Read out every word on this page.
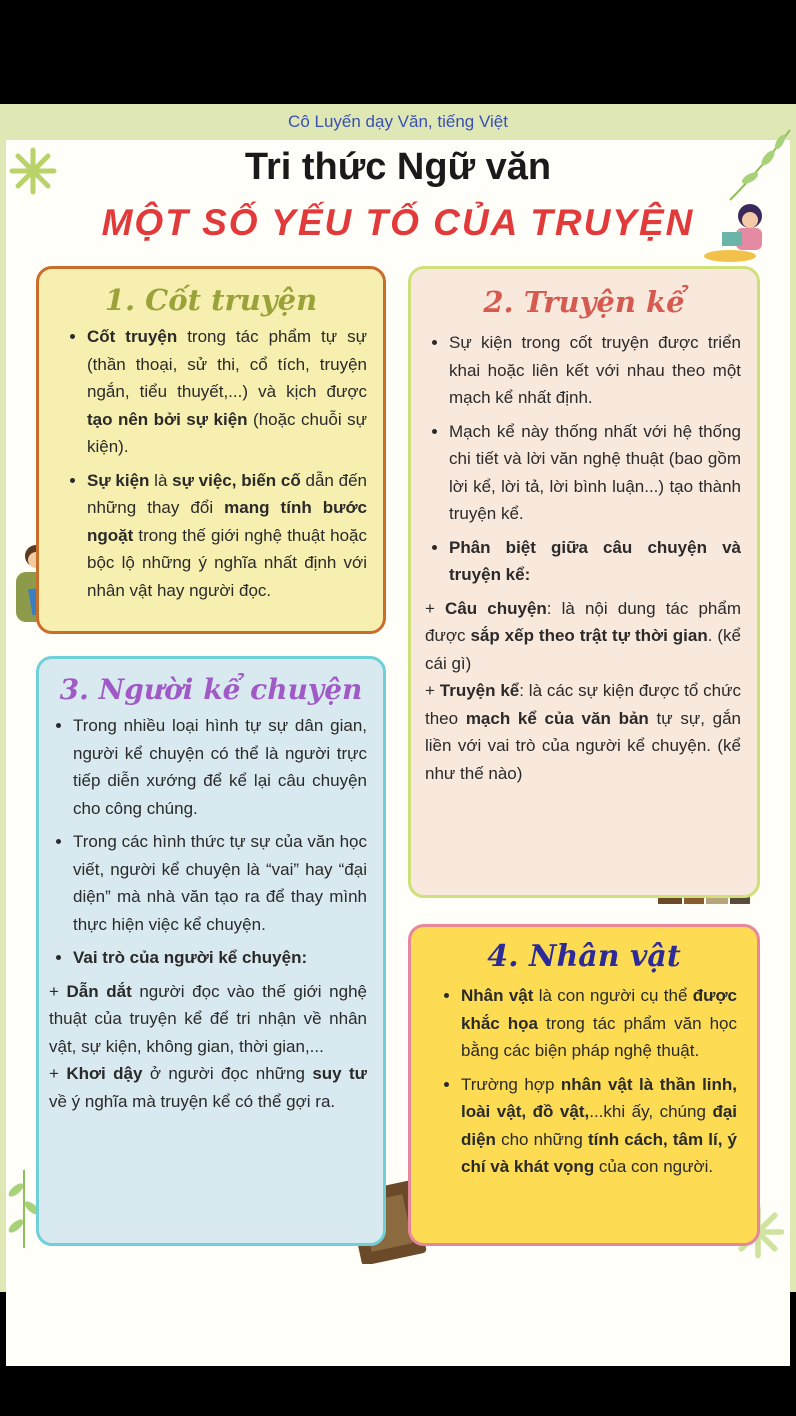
Cô Luyến dạy Văn, tiếng Việt
Tri thức Ngữ văn
MỘT SỐ YẾU TỐ CỦA TRUYỆN
1. Cốt truyện
• Cốt truyện trong tác phẩm tự sự (thần thoại, sử thi, cổ tích, truyện ngắn, tiểu thuyết,...) và kịch được tạo nên bởi sự kiện (hoặc chuỗi sự kiện).
• Sự kiện là sự việc, biến cố dẫn đến những thay đổi mang tính bước ngoặt trong thế giới nghệ thuật hoặc bộc lộ những ý nghĩa nhất định với nhân vật hay người đọc.
2. Truyện kể
• Sự kiện trong cốt truyện được triển khai hoặc liên kết với nhau theo một mạch kể nhất định.
• Mạch kể này thống nhất với hệ thống chi tiết và lời văn nghệ thuật (bao gồm lời kể, lời tả, lời bình luận...) tạo thành truyện kể.
• Phân biệt giữa câu chuyện và truyện kể:

+ Câu chuyện: là nội dung tác phẩm được sắp xếp theo trật tự thời gian. (kể cái gì)

+ Truyện kể: là các sự kiện được tổ chức theo mạch kể của văn bản tự sự, gắn liền với vai trò của người kể chuyện. (kể như thế nào)

3. Người kể chuyện
• Trong nhiều loại hình tự sự dân gian, người kể chuyện có thể là người trực tiếp diễn xướng để kể lại câu chuyện cho công chúng.
• Trong các hình thức tự sự của văn học viết, người kể chuyện là “vai” hay “đại diện” mà nhà văn tạo ra để thay mình thực hiện việc kể chuyện.
• Vai trò của người kể chuyện:

+ Dẫn dắt người đọc vào thế giới nghệ thuật của truyện kể để tri nhận về nhân vật, sự kiện, không gian, thời gian,...

+ Khơi dậy ở người đọc những suy tư về ý nghĩa mà truyện kể có thể gợi ra.

4. Nhân vật
• Nhân vật là con người cụ thể được khắc họa trong tác phẩm văn học bằng các biện pháp nghệ thuật.
• Trường hợp nhân vật là thần linh, loài vật, đồ vật,...khi ấy, chúng đại diện cho những tính cách, tâm lí, ý chí và khát vọng của con người.
